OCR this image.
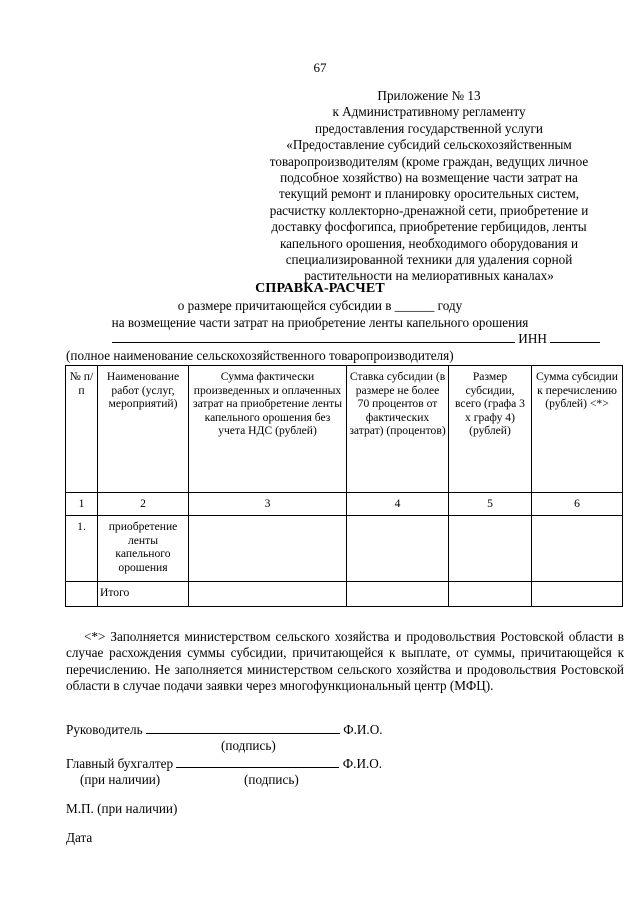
67
Приложение № 13
к Административному регламенту
предоставления государственной услуги
«Предоставление субсидий сельскохозяйственным
товаропроизводителям (кроме граждан, ведущих личное
подсобное хозяйство) на возмещение части затрат на
текущий ремонт и планировку оросительных систем,
расчистку коллекторно-дренажной сети, приобретение и
доставку фосфогипса, приобретение гербицидов, ленты
капельного орошения, необходимого оборудования и
специализированной техники для удаления сорной
растительности на мелиоративных каналах»
СПРАВКА-РАСЧЕТ
о размере причитающейся субсидии в ______ году
на возмещение части затрат на приобретение ленты капельного орошения
ИНН
(полное наименование сельскохозяйственного товаропроизводителя)
№ п/п	Наименование работ (услуг, мероприятий)	Сумма фактически произведенных и оплаченных затрат на приобретение ленты капельного орошения без учета НДС (рублей)	Ставка субсидии (в размере не более 70 процентов от фактических затрат) (процентов)	Размер субсидии, всего (графа 3 х графу 4) (рублей)	Сумма субсидии к перечислению (рублей) <*>
1	2	3	4	5	6
1.	приобретение ленты капельного орошения				
	Итого				

<*> Заполняется министерством сельского хозяйства и продовольствия Ростовской области в случае расхождения суммы субсидии, причитающейся к выплате, от суммы, причитающейся к перечислению. Не заполняется министерством сельского хозяйства и продовольствия Ростовской области в случае подачи заявки через многофункциональный центр (МФЦ).

Руководитель	Ф.И.О.
(подпись)
Главный бухгалтер	Ф.И.О.
(при наличии)	(подпись)
М.П. (при наличии)
Дата
